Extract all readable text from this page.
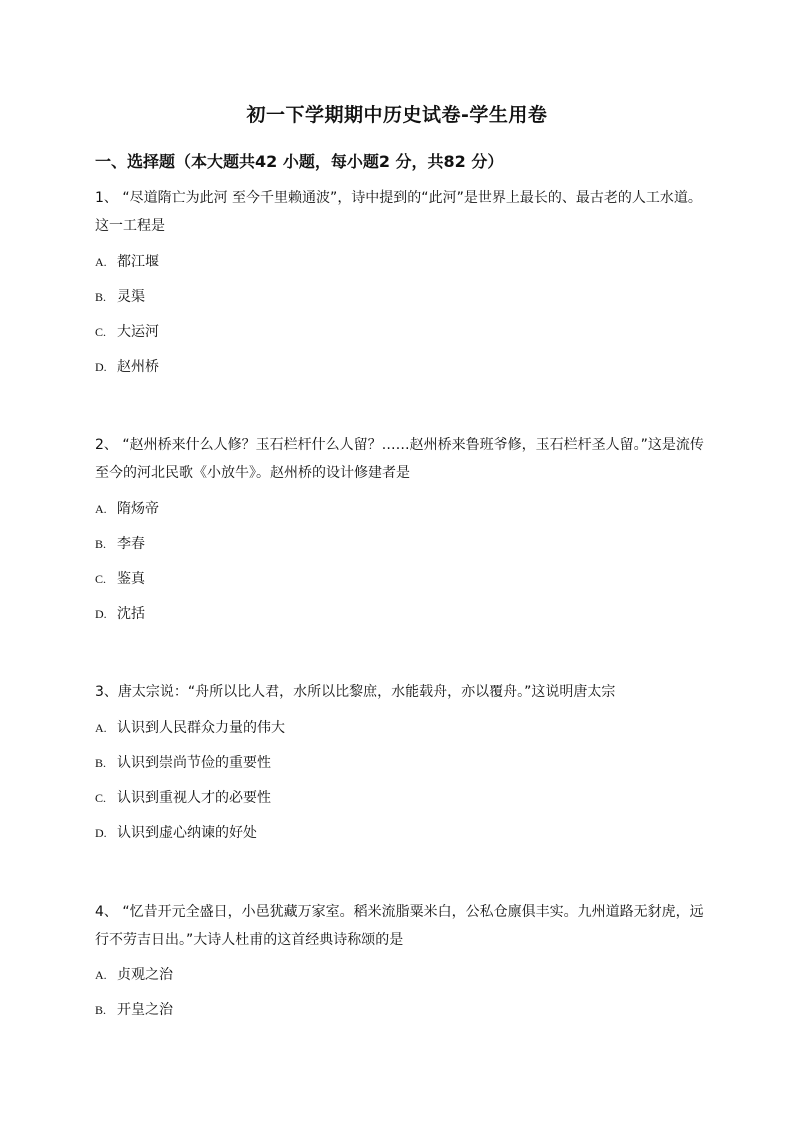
初一下学期期中历史试卷-学生用卷
一、选择题（本大题共42 小题，每小题2 分，共82 分）
1、 “尽道隋亡为此河 至今千里赖通波”，诗中提到的“此河”是世界上最长的、最古老的人工水道。这一工程是
A. 都江堰
B. 灵渠
C. 大运河
D. 赵州桥
2、 “赵州桥来什么人修？玉石栏杆什么人留？……赵州桥来鲁班爷修，玉石栏杆圣人留。”这是流传至今的河北民歌《小放牛》。赵州桥的设计修建者是
A. 隋炀帝
B. 李春
C. 鉴真
D. 沈括
3、唐太宗说：“舟所以比人君，水所以比黎庶，水能载舟，亦以覆舟。”这说明唐太宗
A. 认识到人民群众力量的伟大
B. 认识到崇尚节俭的重要性
C. 认识到重视人才的必要性
D. 认识到虚心纳谏的好处
4、 “忆昔开元全盛日，小邑犹藏万家室。稻米流脂粟米白，公私仓廪俱丰实。九州道路无豺虎，远行不劳吉日出。”大诗人杜甫的这首经典诗称颂的是
A. 贞观之治
B. 开皇之治
